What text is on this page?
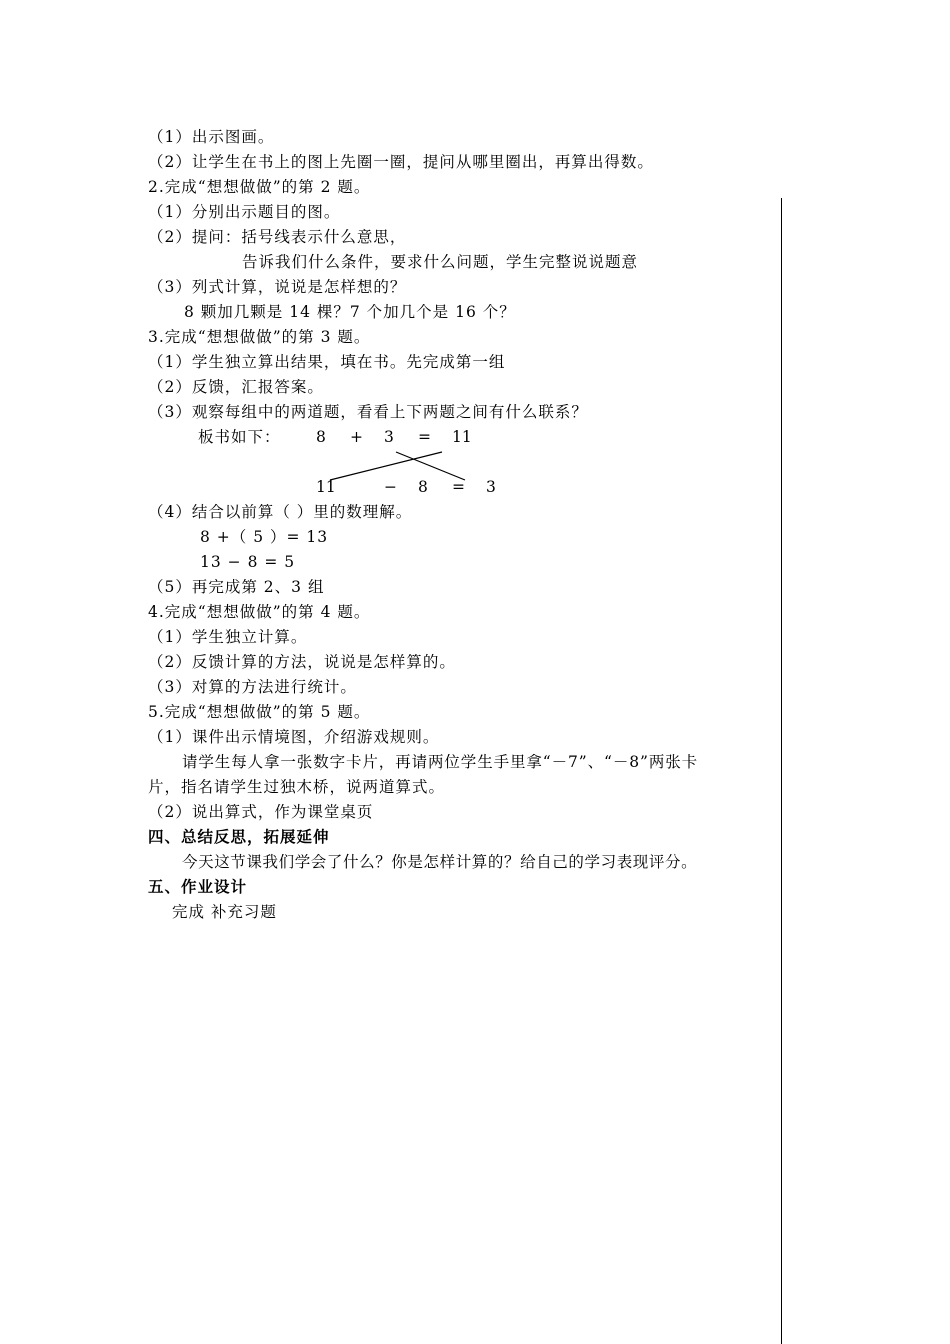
（1）出示图画。
（2）让学生在书上的图上先圈一圈，提问从哪里圈出，再算出得数。
2.完成“想想做做”的第 2 题。
（1）分别出示题目的图。
（2）提问：括号线表示什么意思，
告诉我们什么条件，要求什么问题，学生完整说说题意
（3）列式计算，说说是怎样想的？
8 颗加几颗是 14 棵？7 个加几个是 16 个？
3.完成“想想做做”的第 3 题。
（1）学生独立算出结果，填在书。先完成第一组
（2）反馈，汇报答案。
（3）观察每组中的两道题，看看上下两题之间有什么联系？
板书如下： 8 + 3 = 11
11	− 8 = 3
（4）结合以前算（ ）里的数理解。
8 +（ 5 ）= 13
13 − 8 = 5
（5）再完成第 2、3 组
4.完成“想想做做”的第 4 题。
（1）学生独立计算。
（2）反馈计算的方法，说说是怎样算的。
（3）对算的方法进行统计。
5.完成“想想做做”的第 5 题。
（1）课件出示情境图，介绍游戏规则。
请学生每人拿一张数字卡片，再请两位学生手里拿“－7”、“－8”两张卡
片，指名请学生过独木桥，说两道算式。
（2）说出算式，作为课堂桌页
四、总结反思，拓展延伸
今天这节课我们学会了什么？你是怎样计算的？给自己的学习表现评分。
五、作业设计
完成 补充习题
